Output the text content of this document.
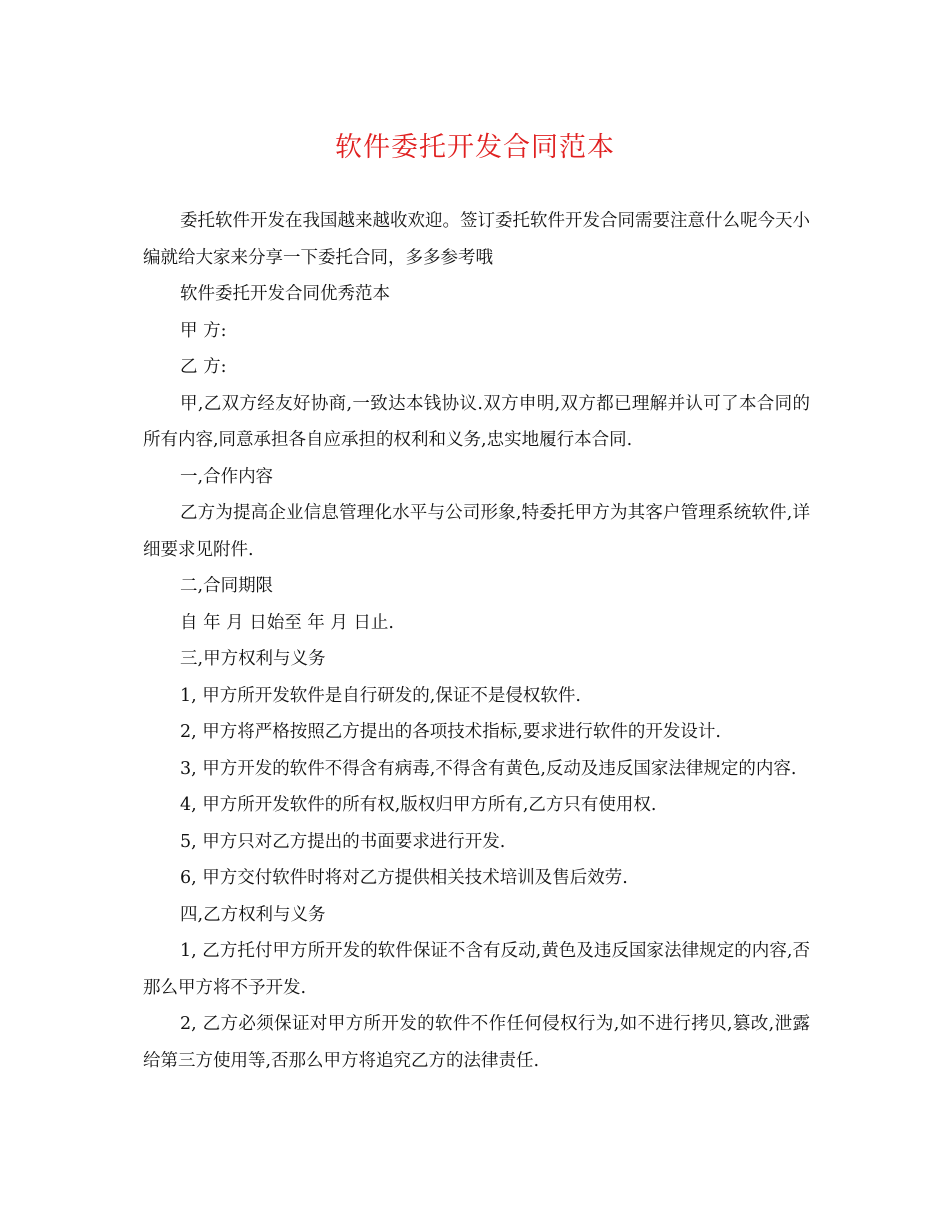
软件委托开发合同范本

委托软件开发在我国越来越收欢迎。签订委托软件开发合同需要注意什么呢今天小编就给大家来分享一下委托合同，多多参考哦

软件委托开发合同优秀范本

甲 方:

乙 方:

甲,乙双方经友好协商,一致达本钱协议.双方申明,双方都已理解并认可了本合同的所有内容,同意承担各自应承担的权利和义务,忠实地履行本合同.

一,合作内容

乙方为提高企业信息管理化水平与公司形象,特委托甲方为其客户管理系统软件,详细要求见附件.

二,合同期限

自 年 月 日始至 年 月 日止.

三,甲方权利与义务

1, 甲方所开发软件是自行研发的,保证不是侵权软件.

2, 甲方将严格按照乙方提出的各项技术指标,要求进行软件的开发设计.

3, 甲方开发的软件不得含有病毒,不得含有黄色,反动及违反国家法律规定的内容.

4, 甲方所开发软件的所有权,版权归甲方所有,乙方只有使用权.

5, 甲方只对乙方提出的书面要求进行开发.

6, 甲方交付软件时将对乙方提供相关技术培训及售后效劳.

四,乙方权利与义务

1, 乙方托付甲方所开发的软件保证不含有反动,黄色及违反国家法律规定的内容,否那么甲方将不予开发.

2, 乙方必须保证对甲方所开发的软件不作任何侵权行为,如不进行拷贝,篡改,泄露给第三方使用等,否那么甲方将追究乙方的法律责任.
